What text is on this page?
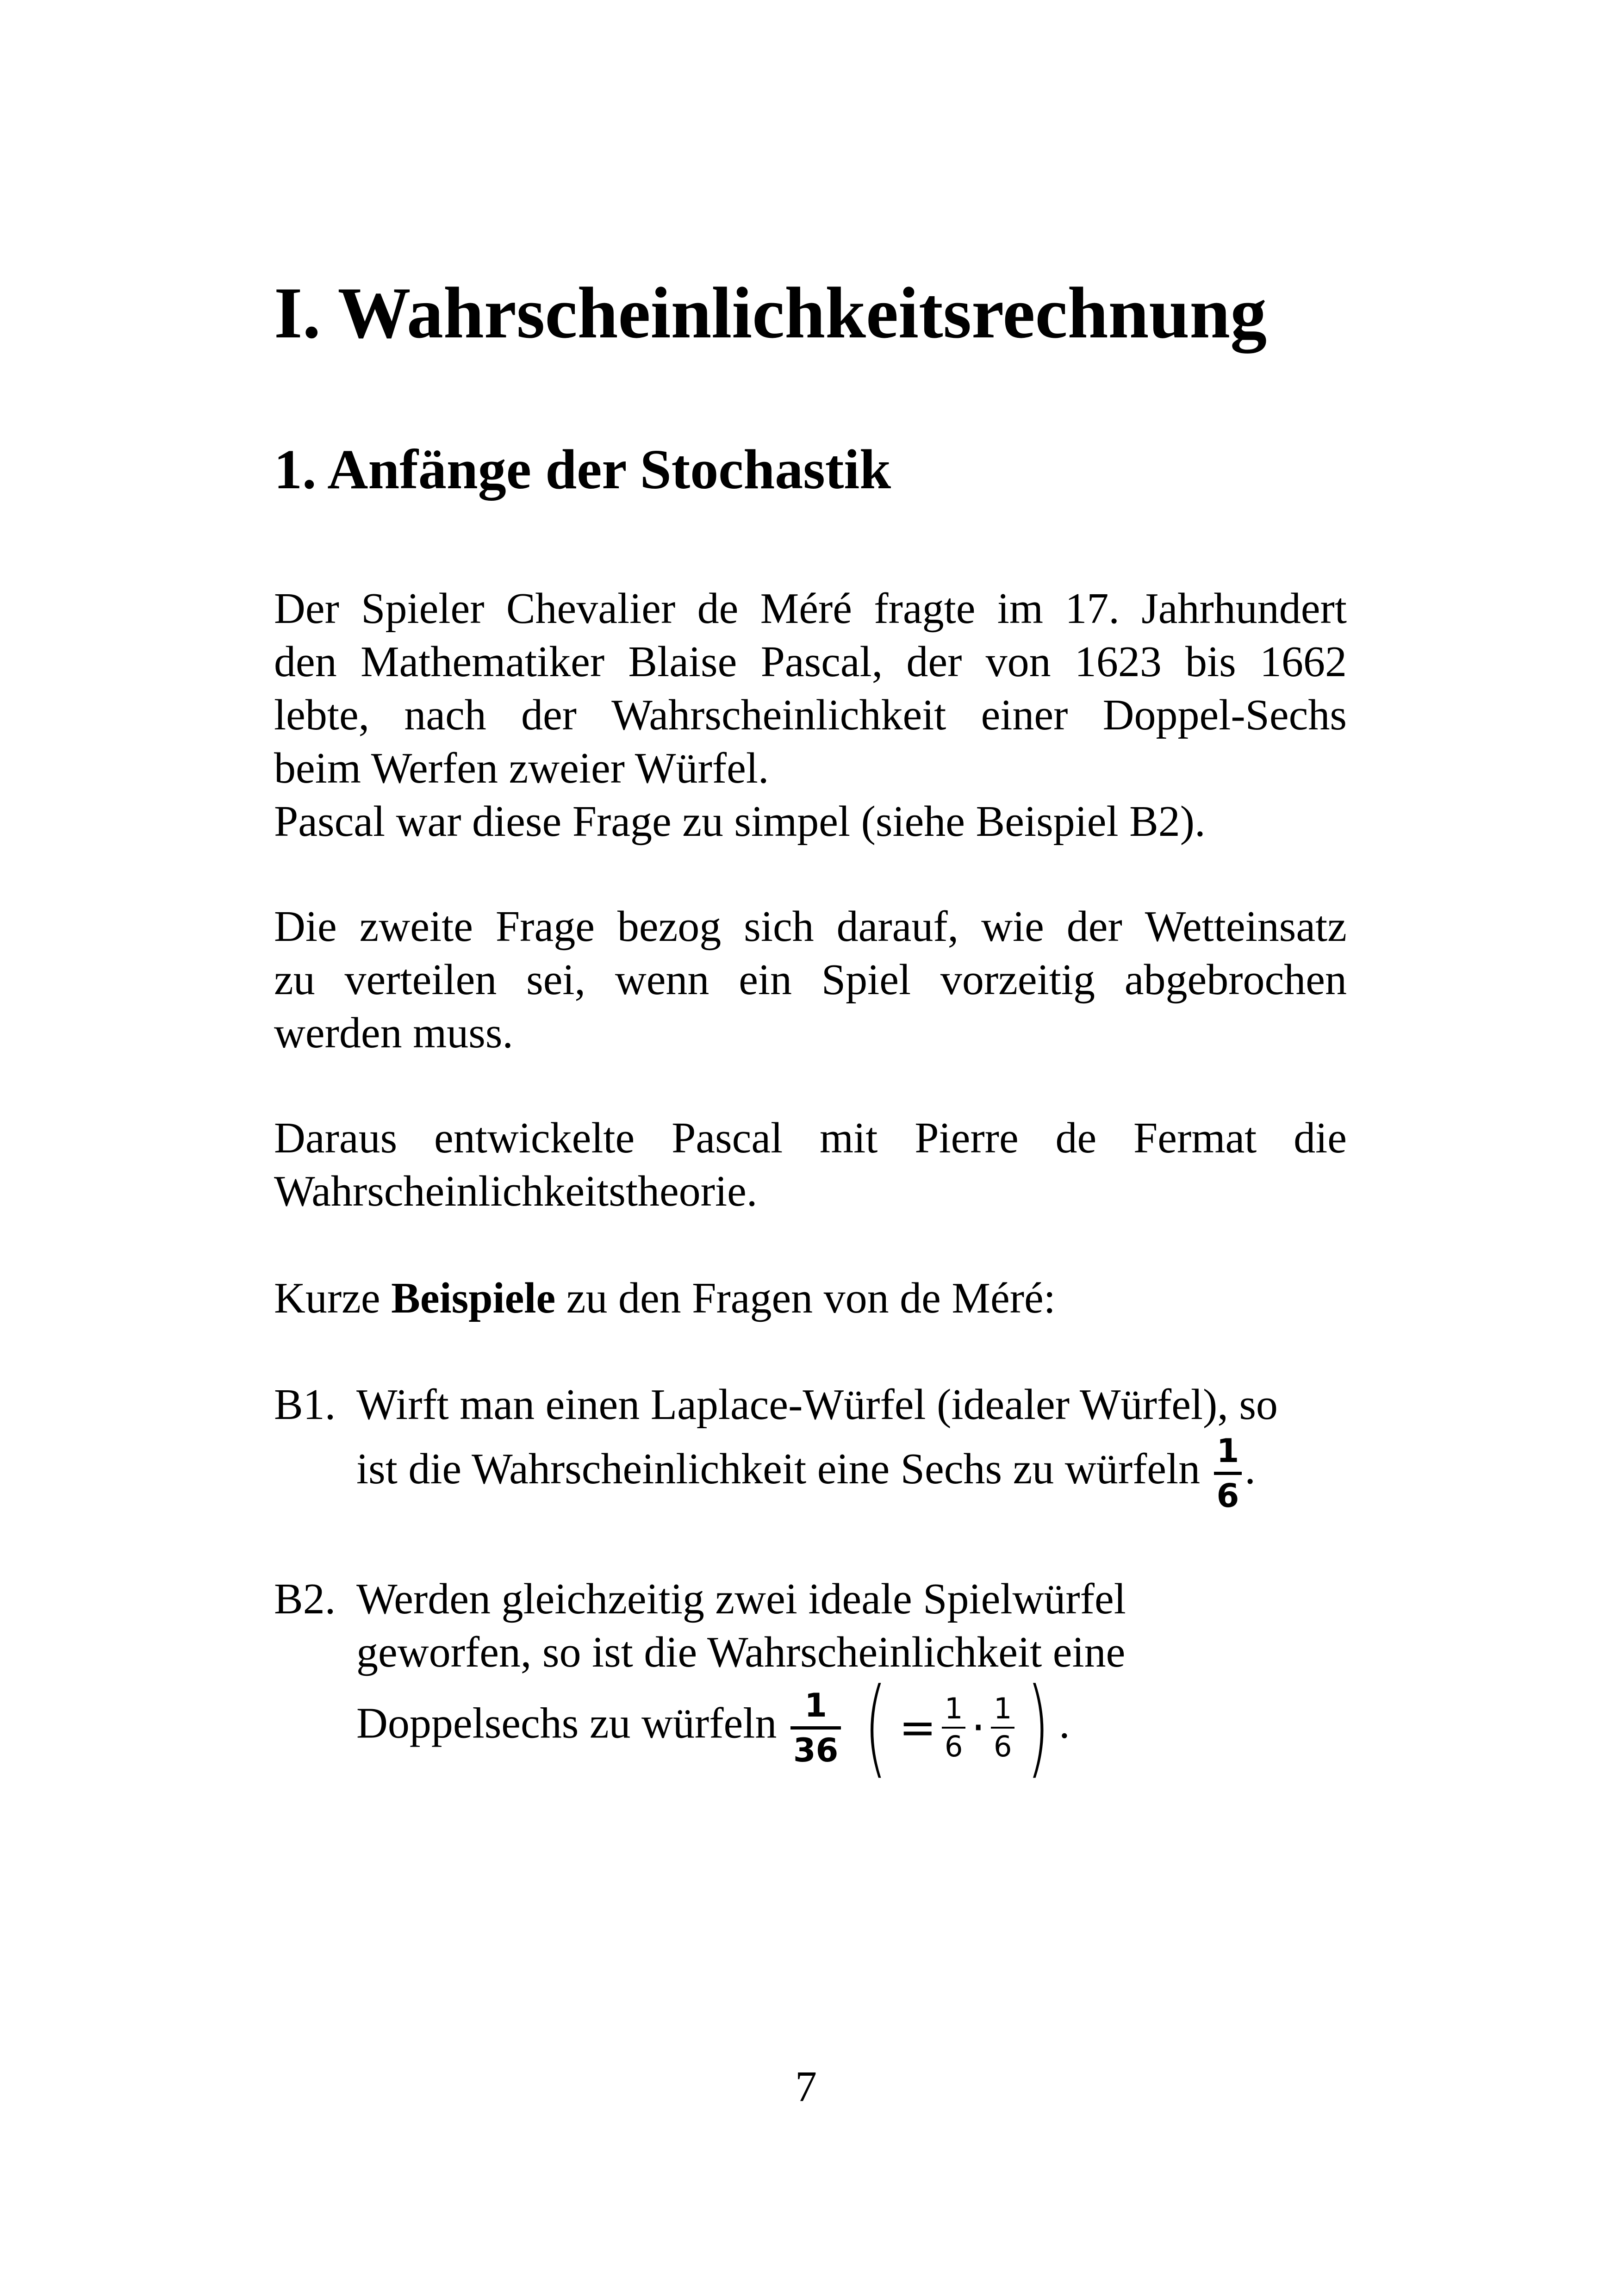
I. Wahrscheinlichkeitsrechnung
1. Anfänge der Stochastik
Der Spieler Chevalier de Méré fragte im 17. Jahrhundert
den Mathematiker Blaise Pascal, der von 1623 bis 1662
lebte, nach der Wahrscheinlichkeit einer Doppel-Sechs
beim Werfen zweier Würfel.
Pascal war diese Frage zu simpel (siehe Beispiel B2).
Die zweite Frage bezog sich darauf, wie der Wetteinsatz
zu verteilen sei, wenn ein Spiel vorzeitig abgebrochen
werden muss.
Daraus entwickelte Pascal mit Pierre de Fermat die
Wahrscheinlichkeitstheorie.
Kurze Beispiele zu den Fragen von de Méré:
B1. Wirft man einen Laplace-Würfel (idealer Würfel), so
ist die Wahrscheinlichkeit eine Sechs zu würfeln 1
6
.
B2. Werden gleichzeitig zwei ideale Spielwürfel
geworfen, so ist die Wahrscheinlichkeit eine
Doppelsechs zu würfeln 1
36 ( = $\frac{1}{6} \cdot \frac{1}{6}$ ) .
7
